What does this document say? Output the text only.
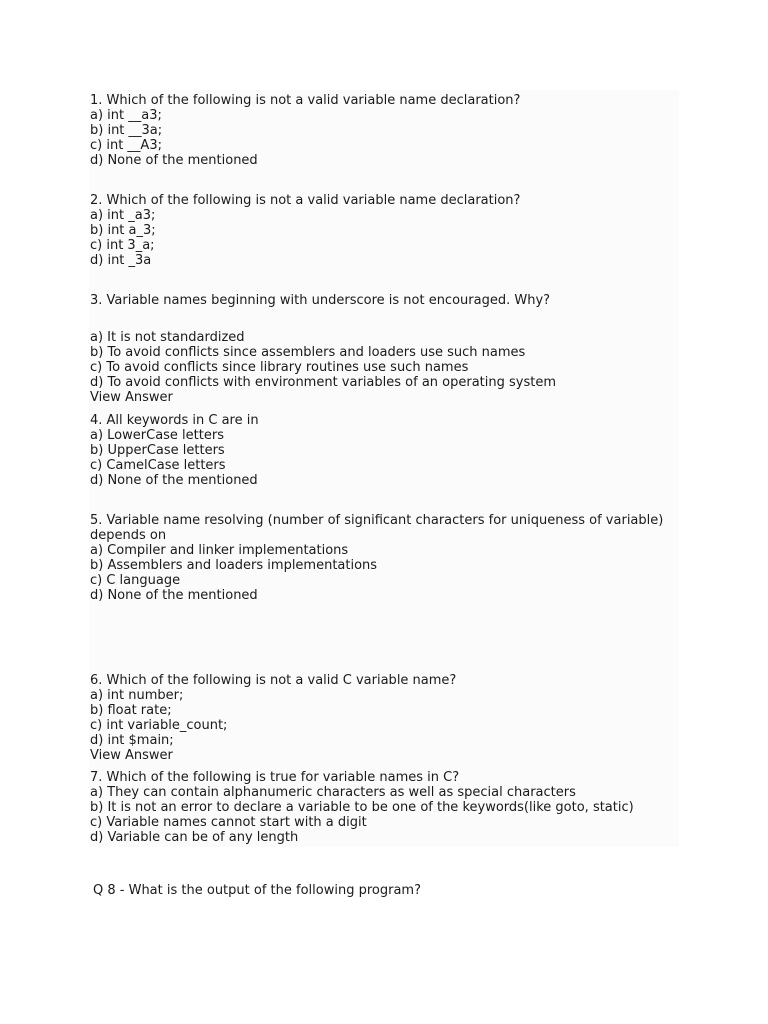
1. Which of the following is not a valid variable name declaration?
a) int __a3;
b) int __3a;
c) int __A3;
d) None of the mentioned
2. Which of the following is not a valid variable name declaration?
a) int _a3;
b) int a_3;
c) int 3_a;
d) int _3a
3. Variable names beginning with underscore is not encouraged. Why?
a) It is not standardized
b) To avoid conflicts since assemblers and loaders use such names
c) To avoid conflicts since library routines use such names
d) To avoid conflicts with environment variables of an operating system
View Answer
4. All keywords in C are in
a) LowerCase letters
b) UpperCase letters
c) CamelCase letters
d) None of the mentioned
5. Variable name resolving (number of significant characters for uniqueness of variable)
depends on
a) Compiler and linker implementations
b) Assemblers and loaders implementations
c) C language
d) None of the mentioned
6. Which of the following is not a valid C variable name?
a) int number;
b) float rate;
c) int variable_count;
d) int $main;
View Answer
7. Which of the following is true for variable names in C?
a) They can contain alphanumeric characters as well as special characters
b) It is not an error to declare a variable to be one of the keywords(like goto, static)
c) Variable names cannot start with a digit
d) Variable can be of any length
Q 8 - What is the output of the following program?
